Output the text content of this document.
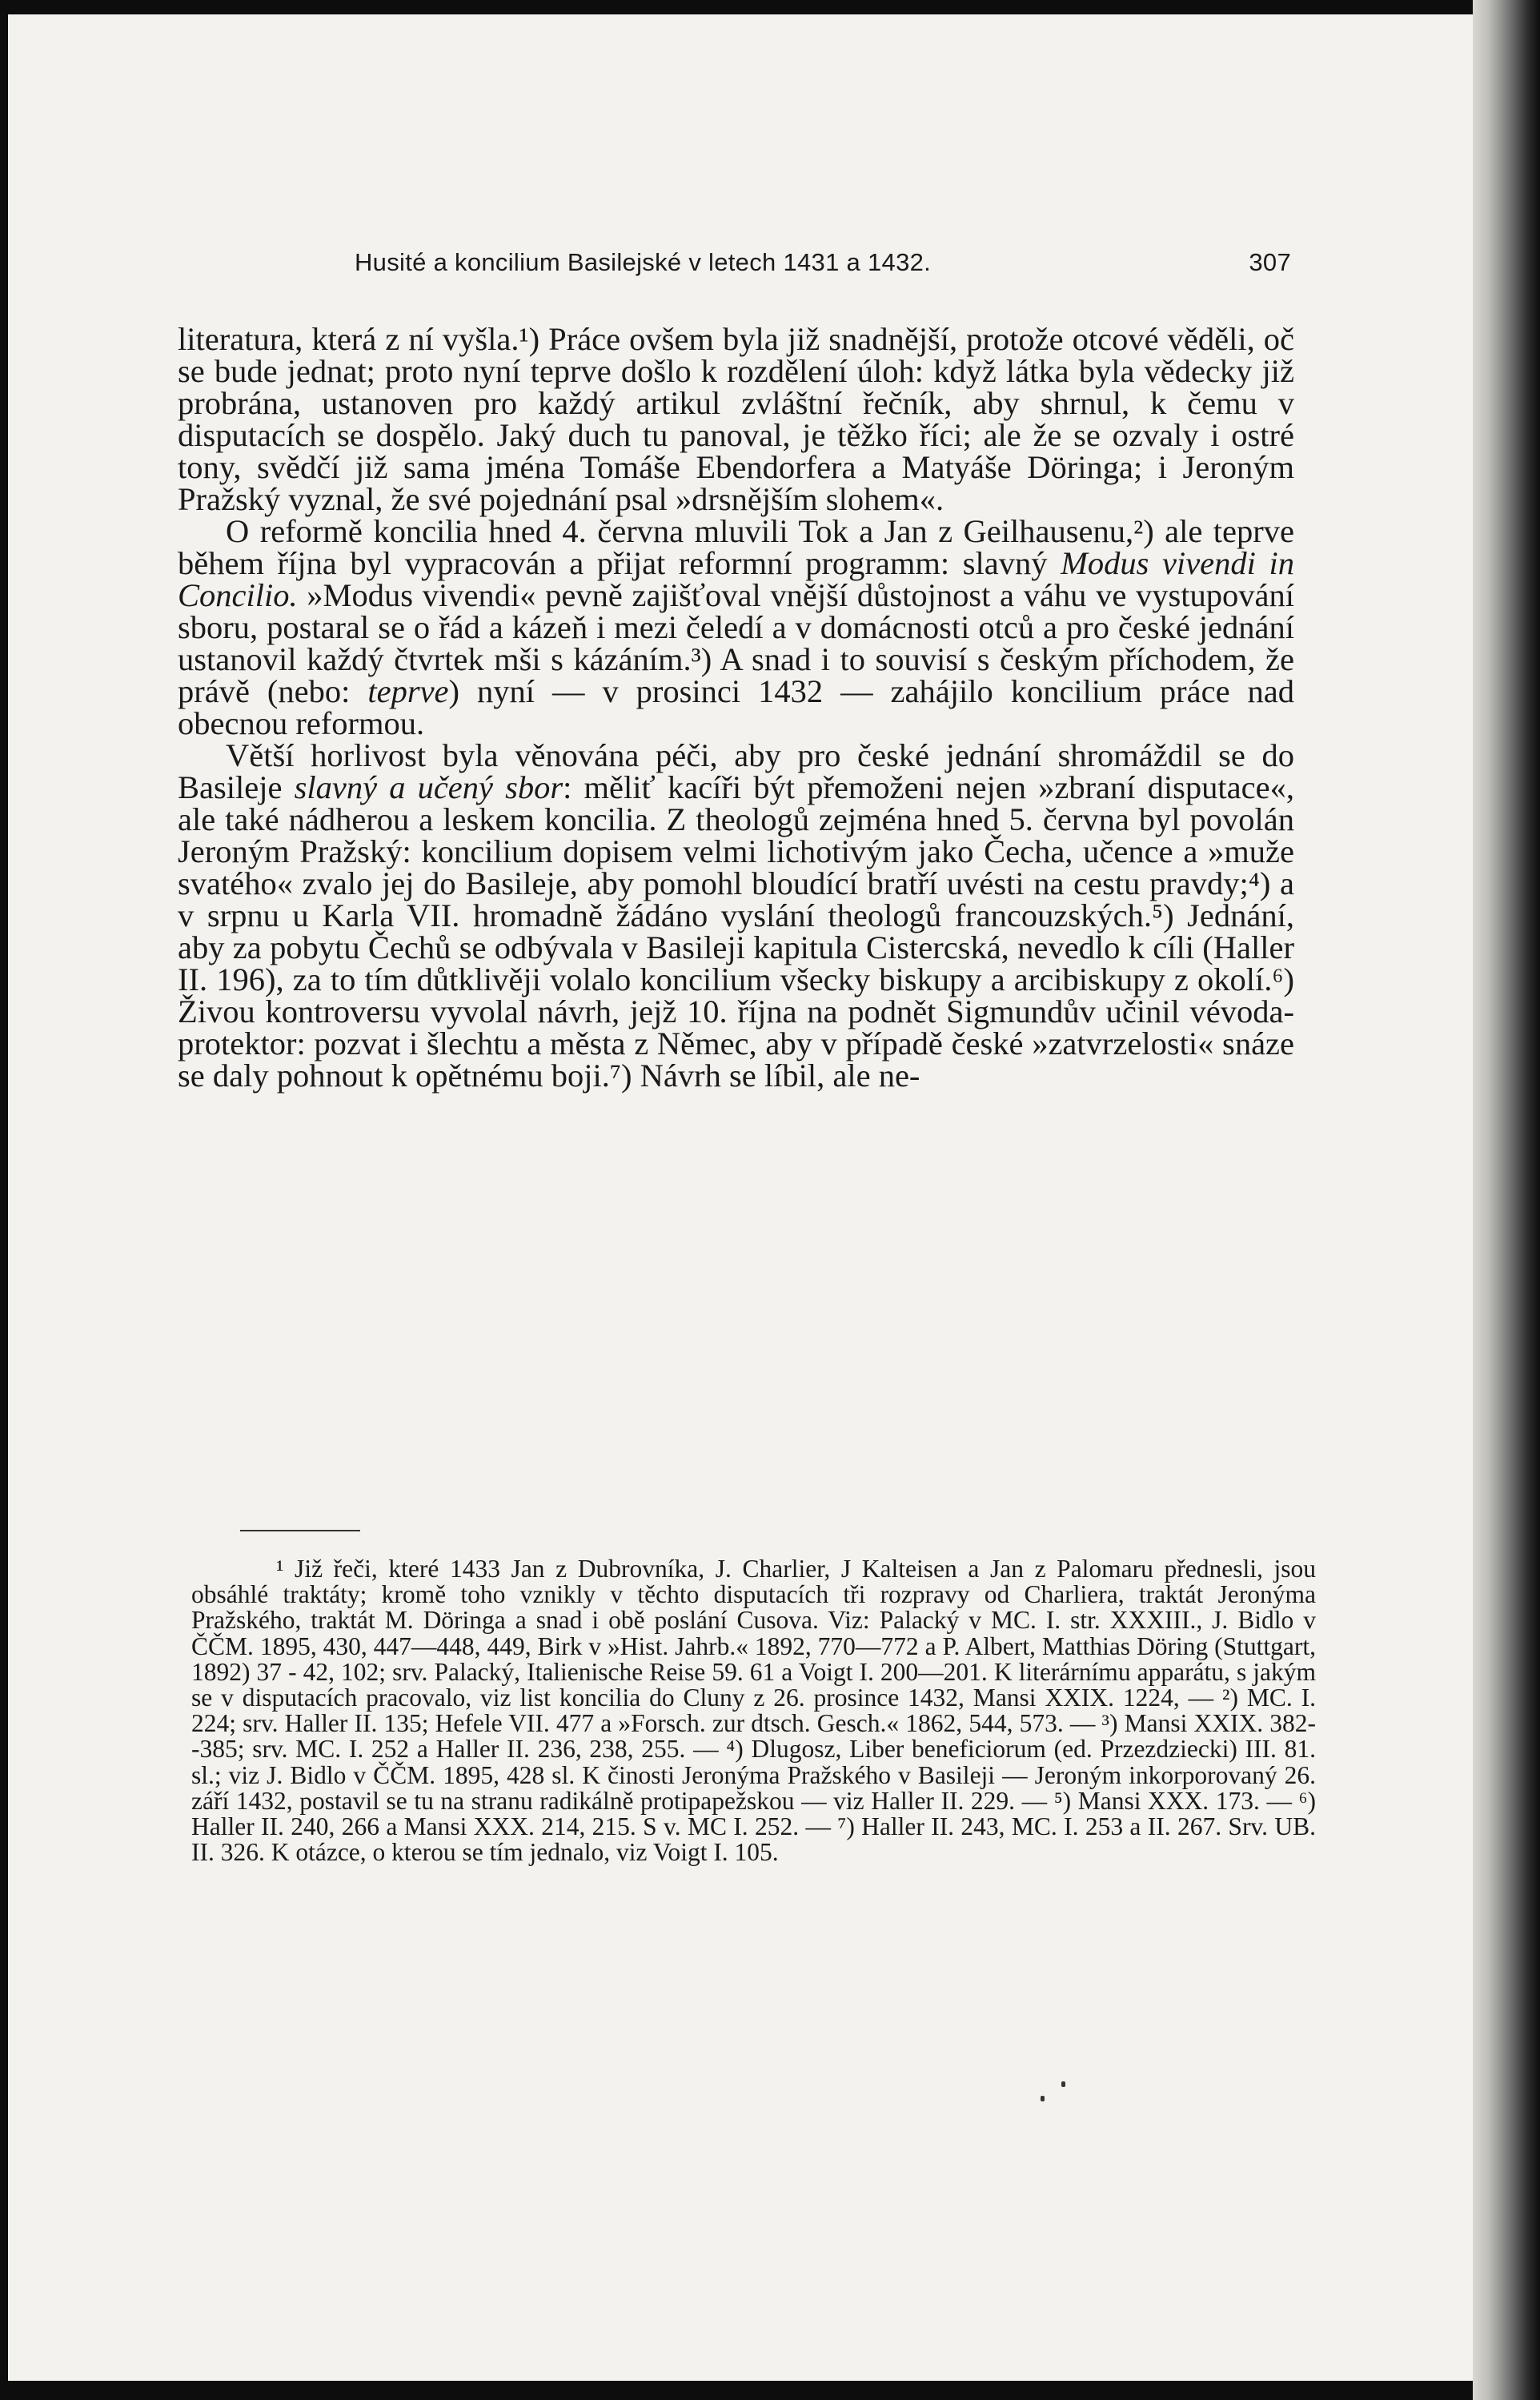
Husité a koncilium Basilejské v letech 1431 a 1432.	307

literatura, která z ní vyšla.¹) Práce ovšem byla již snadnější, protože otcové věděli, oč se bude jednat; proto nyní teprve došlo k rozdělení úloh: když látka byla vědecky již probrána, ustanoven pro každý artikul zvláštní řečník, aby shrnul, k čemu v disputacích se dospělo. Jaký duch tu panoval, je těžko říci; ale že se ozvaly i ostré tony, svědčí již sama jména Tomáše Ebendorfera a Matyáše Döringa; i Jeroným Pražský vyznal, že své pojednání psal »drsnějším slohem«.

O reformě koncilia hned 4. června mluvili Tok a Jan z Geilhausenu,²) ale teprve během října byl vypracován a přijat reformní programm: slavný Modus vivendi in Concilio. »Modus vivendi« pevně zajišťoval vnější důstojnost a váhu ve vystupování sboru, postaral se o řád a kázeň i mezi čeledí a v domácnosti otců a pro české jednání ustanovil každý čtvrtek mši s kázáním.³) A snad i to souvisí s českým příchodem, že právě (nebo: teprve) nyní — v prosinci 1432 — zahájilo koncilium práce nad obecnou reformou.

Větší horlivost byla věnována péči, aby pro české jednání shromáždil se do Basileje slavný a učený sbor: měliť kacíři být přemoženi nejen »zbraní disputace«, ale také nádherou a leskem koncilia. Z theologů zejména hned 5. června byl povolán Jeroným Pražský: koncilium dopisem velmi lichotivým jako Čecha, učence a »muže svatého« zvalo jej do Basileje, aby pomohl bloudící bratří uvésti na cestu pravdy;⁴) a v srpnu u Karla VII. hromadně žádáno vyslání theologů francouzských.⁵) Jednání, aby za pobytu Čechů se odbývala v Basileji kapitula Cistercská, nevedlo k cíli (Haller II. 196), za to tím důtklivěji volalo koncilium všecky biskupy a arcibiskupy z okolí.⁶) Živou kontroversu vyvolal návrh, jejž 10. října na podnět Sigmundův učinil vévoda-protektor: pozvat i šlechtu a města z Němec, aby v případě české »zatvrzelosti« snáze se daly pohnout k opětnému boji.⁷) Návrh se líbil, ale ne-

¹ Již řeči, které 1433 Jan z Dubrovníka, J. Charlier, J Kalteisen a Jan z Palomaru přednesli, jsou obsáhlé traktáty; kromě toho vznikly v těchto disputacích tři rozpravy od Charliera, traktát Jeronýma Pražského, traktát M. Döringa a snad i obě poslání Cusova. Viz: Palacký v MC. I. str. XXXIII., J. Bidlo v ČČM. 1895, 430, 447—448, 449, Birk v »Hist. Jahrb.« 1892, 770—772 a P. Albert, Matthias Döring (Stuttgart, 1892) 37 - 42, 102; srv. Palacký, Italienische Reise 59. 61 a Voigt I. 200—201. K literárnímu apparátu, s jakým se v disputacích pracovalo, viz list koncilia do Cluny z 26. prosince 1432, Mansi XXIX. 1224, — ²) MC. I. 224; srv. Haller II. 135; Hefele VII. 477 a »Forsch. zur dtsch. Gesch.« 1862, 544, 573. — ³) Mansi XXIX. 382--385; srv. MC. I. 252 a Haller II. 236, 238, 255. — ⁴) Dlugosz, Liber beneficiorum (ed. Przezdziecki) III. 81. sl.; viz J. Bidlo v ČČM. 1895, 428 sl. K činosti Jeronýma Pražského v Basileji — Jeroným inkorporovaný 26. září 1432, postavil se tu na stranu radikálně protipapežskou — viz Haller II. 229. — ⁵) Mansi XXX. 173. — ⁶) Haller II. 240, 266 a Mansi XXX. 214, 215. S v. MC I. 252. — ⁷) Haller II. 243, MC. I. 253 a II. 267. Srv. UB. II. 326. K otázce, o kterou se tím jednalo, viz Voigt I. 105.
